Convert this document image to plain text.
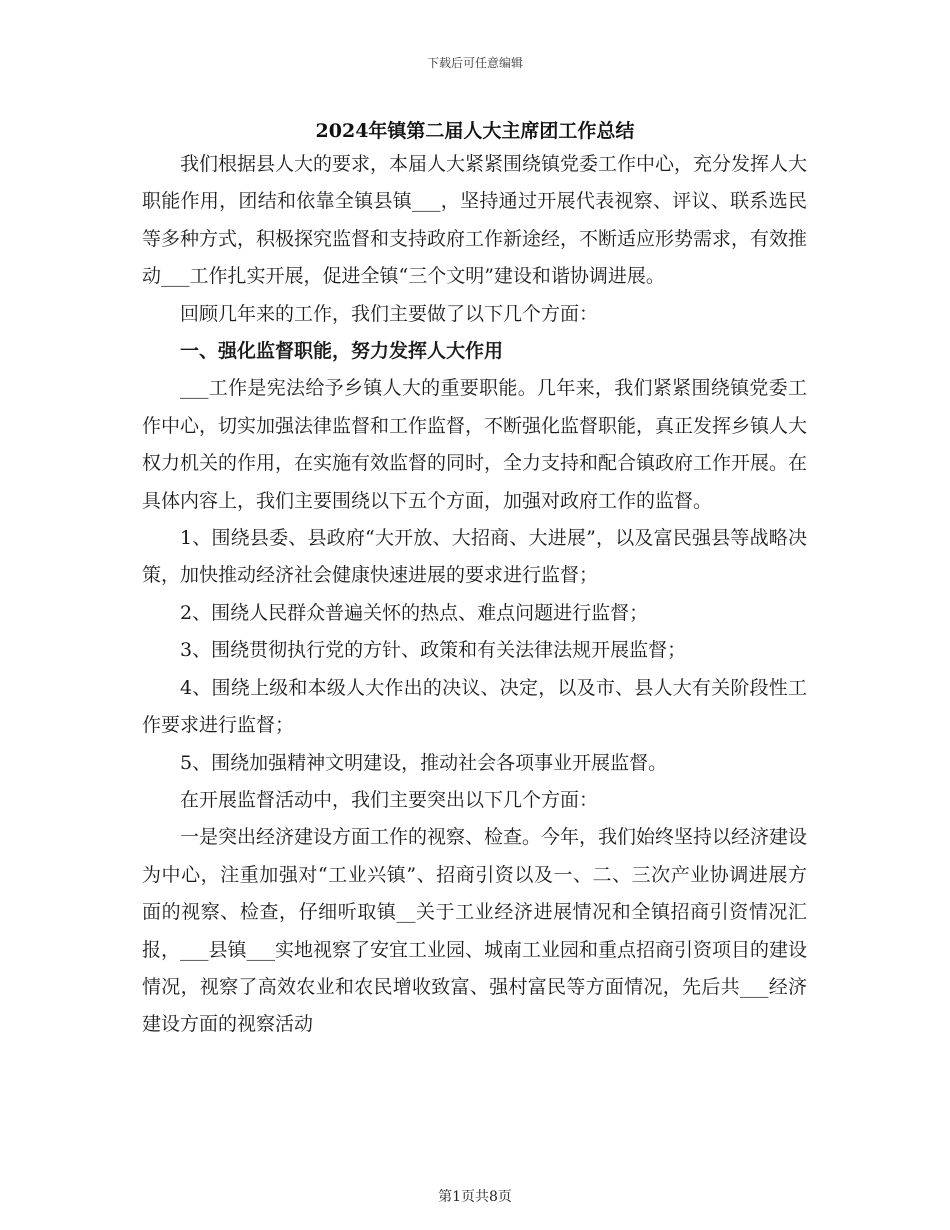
下载后可任意编辑
2024年镇第二届人大主席团工作总结

我们根据县人大的要求，本届人大紧紧围绕镇党委工作中心，充分发挥人大职能作用，团结和依靠全镇县镇___，坚持通过开展代表视察、评议、联系选民等多种方式，积极探究监督和支持政府工作新途经，不断适应形势需求，有效推动___工作扎实开展，促进全镇“三个文明”建设和谐协调进展。

回顾几年来的工作，我们主要做了以下几个方面：

一、强化监督职能，努力发挥人大作用

___工作是宪法给予乡镇人大的重要职能。几年来，我们紧紧围绕镇党委工作中心，切实加强法律监督和工作监督，不断强化监督职能，真正发挥乡镇人大权力机关的作用，在实施有效监督的同时，全力支持和配合镇政府工作开展。在具体内容上，我们主要围绕以下五个方面，加强对政府工作的监督。

1、围绕县委、县政府“大开放、大招商、大进展”，以及富民强县等战略决策，加快推动经济社会健康快速进展的要求进行监督；

2、围绕人民群众普遍关怀的热点、难点问题进行监督；

3、围绕贯彻执行党的方针、政策和有关法律法规开展监督；

4、围绕上级和本级人大作出的决议、决定，以及市、县人大有关阶段性工作要求进行监督；

5、围绕加强精神文明建设，推动社会各项事业开展监督。

在开展监督活动中，我们主要突出以下几个方面：

一是突出经济建设方面工作的视察、检查。今年，我们始终坚持以经济建设为中心，注重加强对“工业兴镇”、招商引资以及一、二、三次产业协调进展方面的视察、检查，仔细听取镇__关于工业经济进展情况和全镇招商引资情况汇报，___县镇___实地视察了安宜工业园、城南工业园和重点招商引资项目的建设情况，视察了高效农业和农民增收致富、强村富民等方面情况，先后共___经济建设方面的视察活动

第1页共8页
